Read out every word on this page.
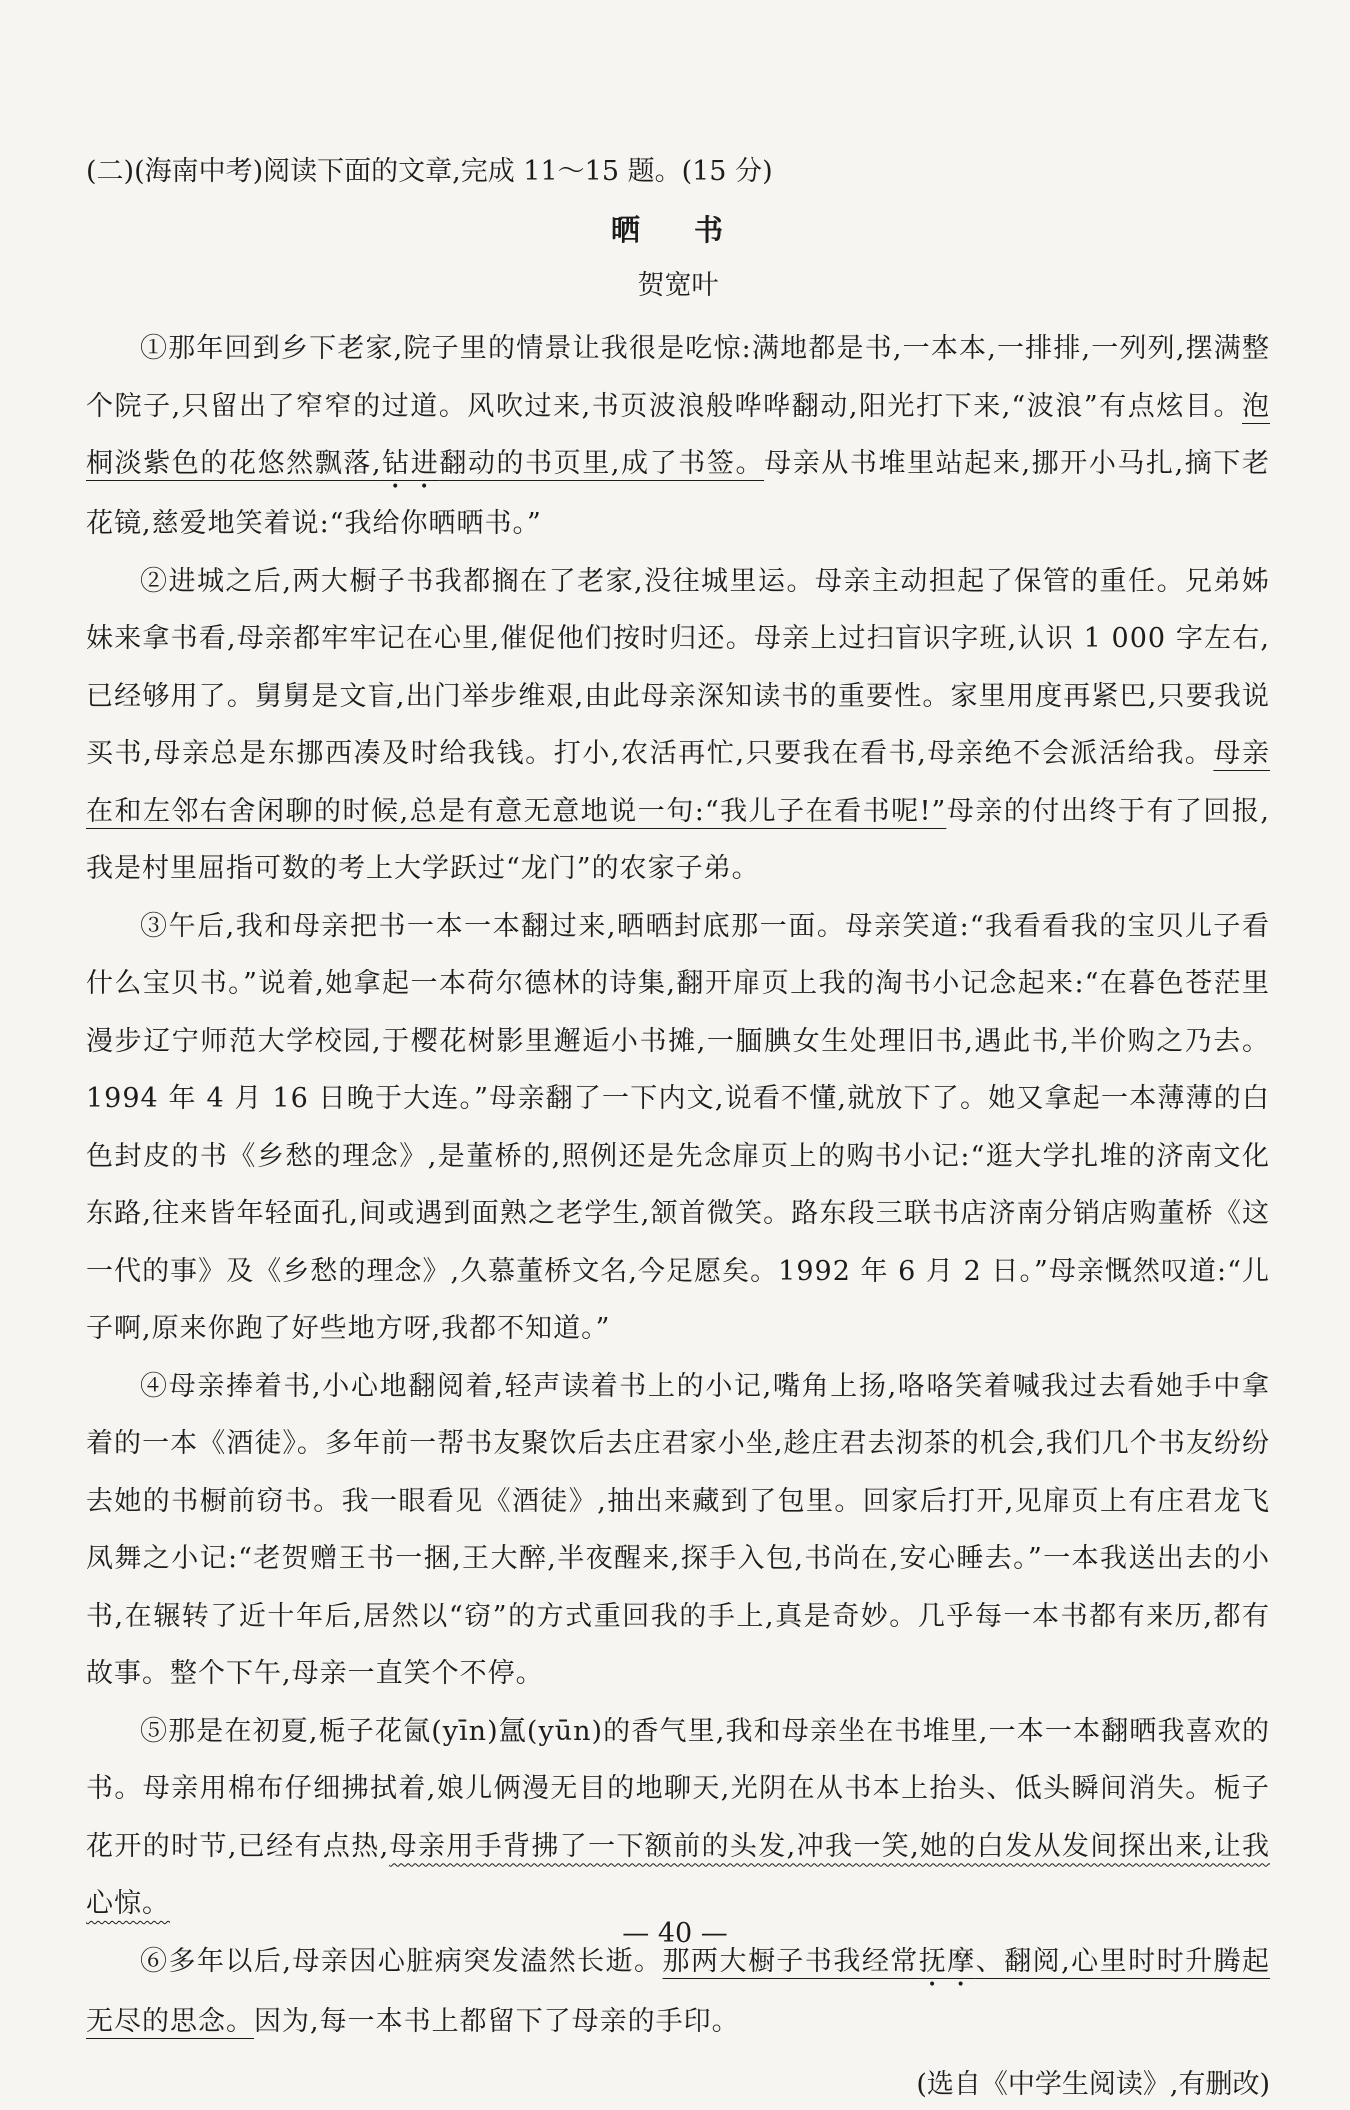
(二)(海南中考)阅读下面的文章,完成 11～15 题。(15 分)

晒 书

贺宽叶

①那年回到乡下老家,院子里的情景让我很是吃惊:满地都是书,一本本,一排排,一列列,摆满整个院子,只留出了窄窄的过道。风吹过来,书页波浪般哗哗翻动,阳光打下来,“波浪”有点炫目。泡桐淡紫色的花悠然飘落,钻进翻动的书页里,成了书签。母亲从书堆里站起来,挪开小马扎,摘下老花镜,慈爱地笑着说:“我给你晒晒书。”

②进城之后,两大橱子书我都搁在了老家,没往城里运。母亲主动担起了保管的重任。兄弟姊妹来拿书看,母亲都牢牢记在心里,催促他们按时归还。母亲上过扫盲识字班,认识 1 000 字左右,已经够用了。舅舅是文盲,出门举步维艰,由此母亲深知读书的重要性。家里用度再紧巴,只要我说买书,母亲总是东挪西凑及时给我钱。打小,农活再忙,只要我在看书,母亲绝不会派活给我。母亲在和左邻右舍闲聊的时候,总是有意无意地说一句:“我儿子在看书呢!”母亲的付出终于有了回报,我是村里屈指可数的考上大学跃过“龙门”的农家子弟。

③午后,我和母亲把书一本一本翻过来,晒晒封底那一面。母亲笑道:“我看看我的宝贝儿子看什么宝贝书。”说着,她拿起一本荷尔德林的诗集,翻开扉页上我的淘书小记念起来:“在暮色苍茫里漫步辽宁师范大学校园,于樱花树影里邂逅小书摊,一腼腆女生处理旧书,遇此书,半价购之乃去。1994 年 4 月 16 日晚于大连。”母亲翻了一下内文,说看不懂,就放下了。她又拿起一本薄薄的白色封皮的书《乡愁的理念》,是董桥的,照例还是先念扉页上的购书小记:“逛大学扎堆的济南文化东路,往来皆年轻面孔,间或遇到面熟之老学生,颔首微笑。路东段三联书店济南分销店购董桥《这一代的事》及《乡愁的理念》,久慕董桥文名,今足愿矣。1992 年 6 月 2 日。”母亲慨然叹道:“儿子啊,原来你跑了好些地方呀,我都不知道。”

④母亲捧着书,小心地翻阅着,轻声读着书上的小记,嘴角上扬,咯咯笑着喊我过去看她手中拿着的一本《酒徒》。多年前一帮书友聚饮后去庄君家小坐,趁庄君去沏茶的机会,我们几个书友纷纷去她的书橱前窃书。我一眼看见《酒徒》,抽出来藏到了包里。回家后打开,见扉页上有庄君龙飞凤舞之小记:“老贺赠王书一捆,王大醉,半夜醒来,探手入包,书尚在,安心睡去。”一本我送出去的小书,在辗转了近十年后,居然以“窃”的方式重回我的手上,真是奇妙。几乎每一本书都有来历,都有故事。整个下午,母亲一直笑个不停。

⑤那是在初夏,栀子花氤(yīn)氲(yūn)的香气里,我和母亲坐在书堆里,一本一本翻晒我喜欢的书。母亲用棉布仔细拂拭着,娘儿俩漫无目的地聊天,光阴在从书本上抬头、低头瞬间消失。栀子花开的时节,已经有点热,母亲用手背拂了一下额前的头发,冲我一笑,她的白发从发间探出来,让我心惊。

⑥多年以后,母亲因心脏病突发溘然长逝。那两大橱子书我经常抚摩、翻阅,心里时时升腾起无尽的思念。因为,每一本书上都留下了母亲的手印。

(选自《中学生阅读》,有删改)

— 40 —
